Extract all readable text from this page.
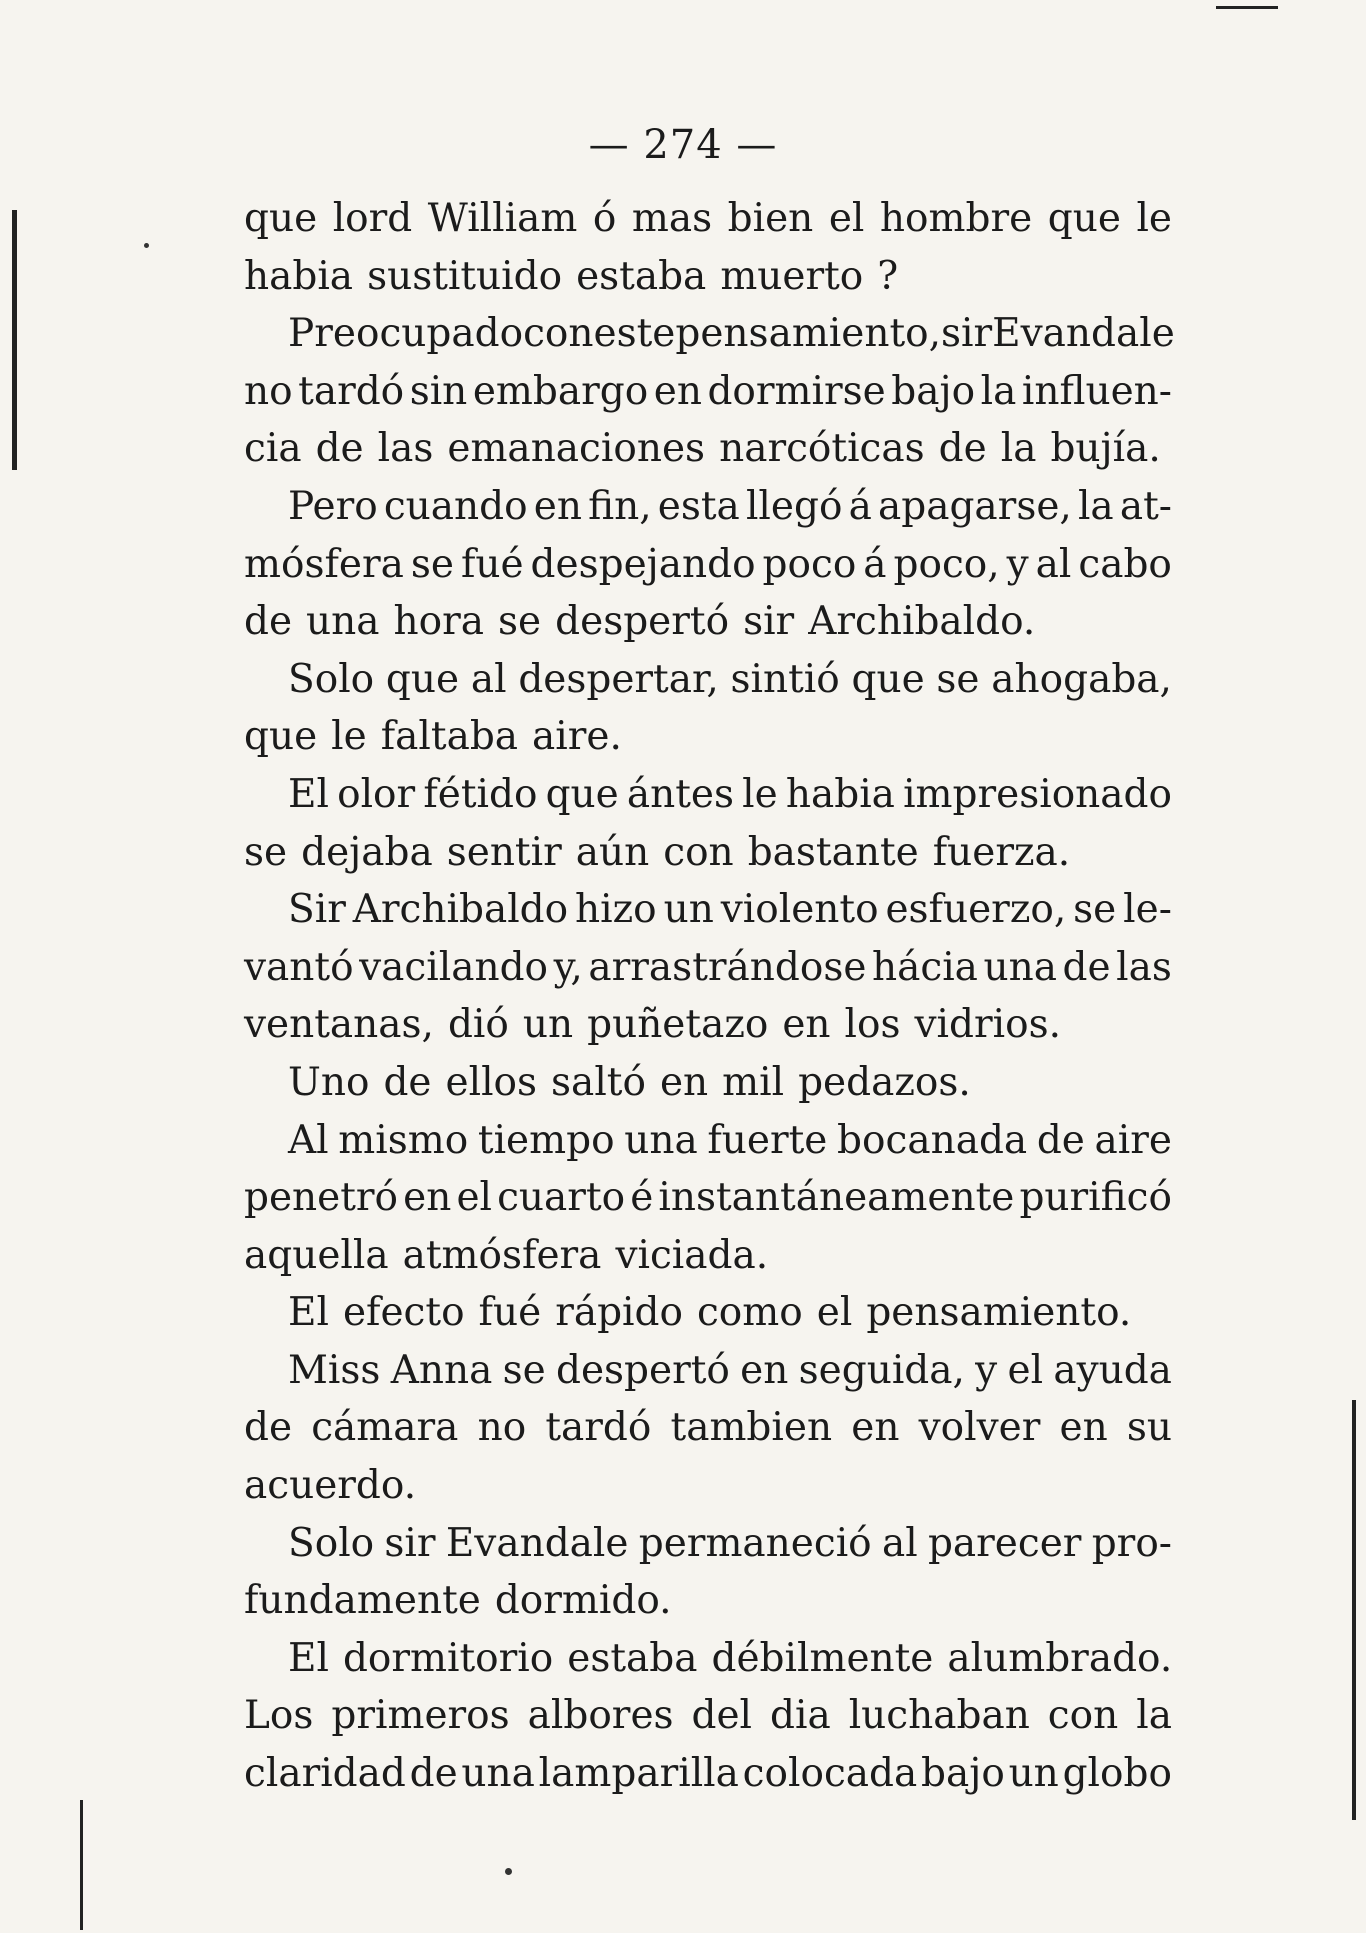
— 274 —
que lord William ó mas bien el hombre que le
habia sustituido estaba muerto ?
Preocupado con este pensamiento, sir Evandale
no tardó sin embargo en dormirse bajo la influen-
cia de las emanaciones narcóticas de la bujía.
Pero cuando en fin, esta llegó á apagarse, la at-
mósfera se fué despejando poco á poco, y al cabo
de una hora se despertó sir Archibaldo.
Solo que al despertar, sintió que se ahogaba,
que le faltaba aire.
El olor fétido que ántes le habia impresionado
se dejaba sentir aún con bastante fuerza.
Sir Archibaldo hizo un violento esfuerzo, se le-
vantó vacilando y, arrastrándose hácia una de las
ventanas, dió un puñetazo en los vidrios.
Uno de ellos saltó en mil pedazos.
Al mismo tiempo una fuerte bocanada de aire
penetró en el cuarto é instantáneamente purificó
aquella atmósfera viciada.
El efecto fué rápido como el pensamiento.
Miss Anna se despertó en seguida, y el ayuda
de cámara no tardó tambien en volver en su
acuerdo.
Solo sir Evandale permaneció al parecer pro-
fundamente dormido.
El dormitorio estaba débilmente alumbrado.
Los primeros albores del dia luchaban con la
claridad de una lamparilla colocada bajo un globo
